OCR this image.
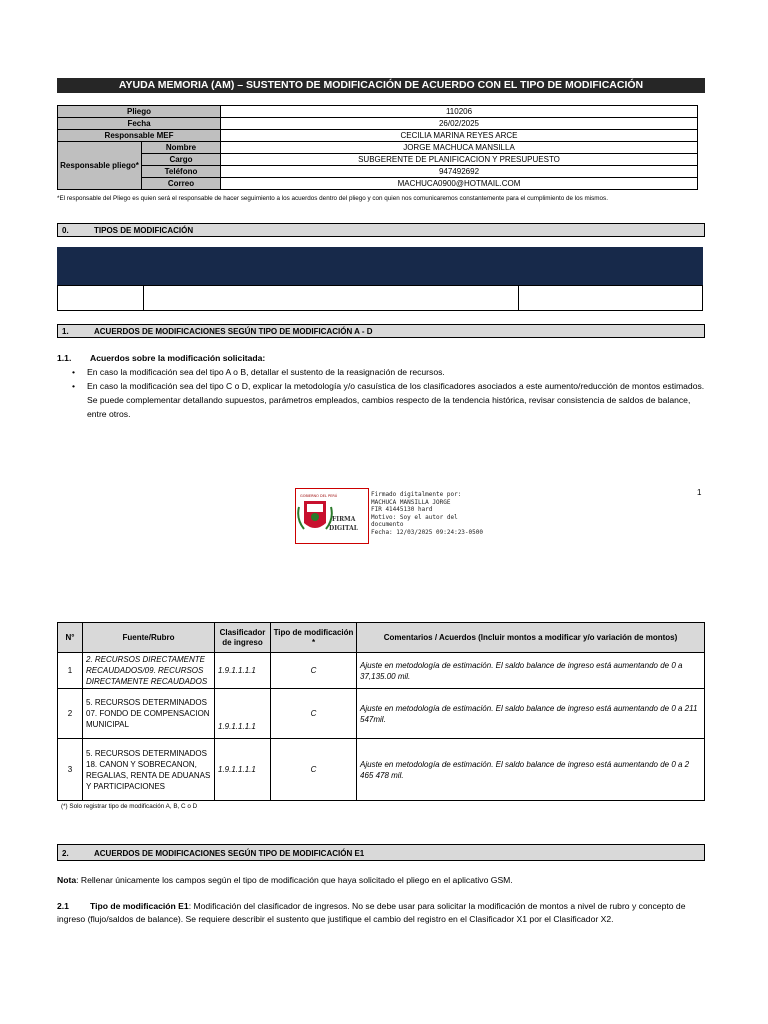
AYUDA MEMORIA (AM) – SUSTENTO DE MODIFICACIÓN DE ACUERDO CON EL TIPO DE MODIFICACIÓN
Pliego		110206
Fecha		26/02/2025
Responsable MEF		CECILIA MARINA REYES ARCE
Responsable pliego*	Nombre	JORGE MACHUCA MANSILLA
	Cargo	SUBGERENTE DE PLANIFICACION Y PRESUPUESTO
	Teléfono	947492692
	Correo	MACHUCA0900@HOTMAIL.COM
*El responsable del Pliego es quien será el responsable de hacer seguimiento a los acuerdos dentro del pliego y con quien nos comunicaremos constantemente para el cumplimiento de los mismos.
0.	TIPOS DE MODIFICACIÓN
1.	ACUERDOS DE MODIFICACIONES SEGÚN TIPO DE MODIFICACIÓN A - D
1.1. Acuerdos sobre la modificación solicitada:
• En caso la modificación sea del tipo A o B, detallar el sustento de la reasignación de recursos.
• En caso la modificación sea del tipo C o D, explicar la metodología y/o casuística de los clasificadores asociados a este aumento/reducción de montos estimados. Se puede complementar detallando supuestos, parámetros empleados, cambios respecto de la tendencia histórica, revisar consistencia de saldos de balance, entre otros.
1
GOBIERNO DEL PERÚ
FIRMA
DIGITAL
Firmado digitalmente por:
MACHUCA MANSILLA JORGE
FIR 41445130 hard
Motivo: Soy el autor del
documento
Fecha: 12/03/2025 09:24:23-0500
N°	Fuente/Rubro	Clasificador de ingreso	Tipo de modificación *	Comentarios / Acuerdos (Incluir montos a modificar y/o variación de montos)
1	2. RECURSOS DIRECTAMENTE RECAUDADOS/09. RECURSOS DIRECTAMENTE RECAUDADOS	1.9.1.1.1.1	C	Ajuste en metodología de estimación. El saldo balance de ingreso está aumentando de 0 a 37,135.00 mil.
2	5. RECURSOS DETERMINADOS 07. FONDO DE COMPENSACION MUNICIPAL	1.9.1.1.1.1	C	Ajuste en metodología de estimación. El saldo balance de ingreso está aumentando de 0 a 211 547mil.
3	5. RECURSOS DETERMINADOS 18. CANON Y SOBRECANON, REGALIAS, RENTA DE ADUANAS Y PARTICIPACIONES	1.9.1.1.1.1	C	Ajuste en metodología de estimación. El saldo balance de ingreso está aumentando de 0 a 2 465 478 mil.
(*) Solo registrar tipo de modificación A, B, C o D
2.	ACUERDOS DE MODIFICACIONES SEGÚN TIPO DE MODIFICACIÓN E1
Nota: Rellenar únicamente los campos según el tipo de modificación que haya solicitado el pliego en el aplicativo GSM.
2.1 Tipo de modificación E1: Modificación del clasificador de ingresos. No se debe usar para solicitar la modificación de montos a nivel de rubro y concepto de ingreso (flujo/saldos de balance). Se requiere describir el sustento que justifique el cambio del registro en el Clasificador X1 por el Clasificador X2.
